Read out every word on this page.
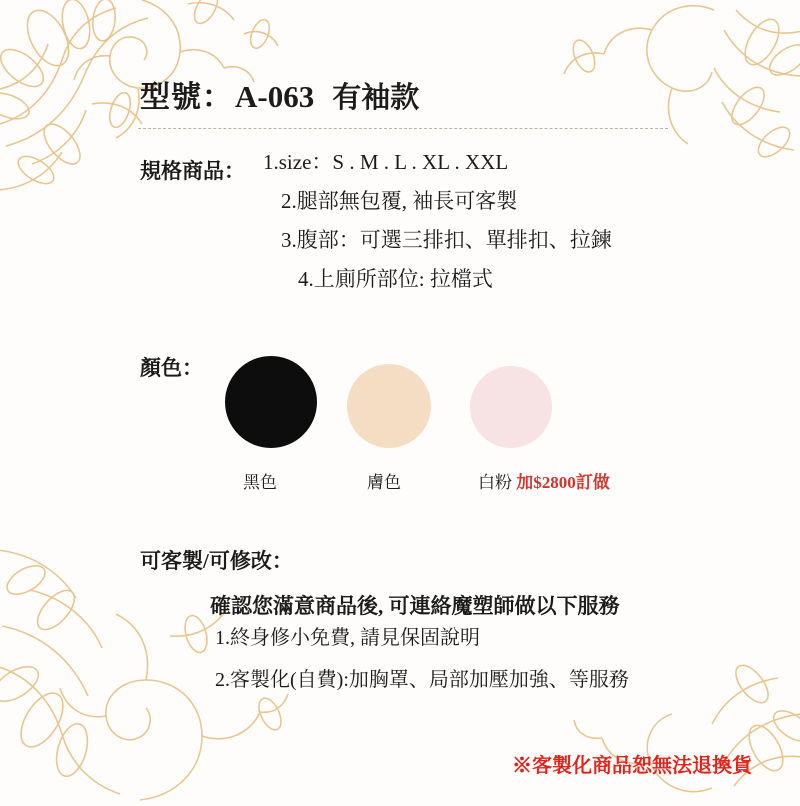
型號： A-063 有袖款
規格商品： 1.size：S . M . L . XL . XXL
2.腿部無包覆, 袖長可客製
3.腹部：可選三排扣、單排扣、拉鍊
4.上廁所部位: 拉檔式
顏色：
黑色	膚色	白粉 加$2800訂做
可客製/可修改：
確認您滿意商品後, 可連絡魔塑師做以下服務
1.終身修小免費, 請見保固說明
2.客製化(自費):加胸罩、局部加壓加強、等服務
※客製化商品恕無法退換貨
